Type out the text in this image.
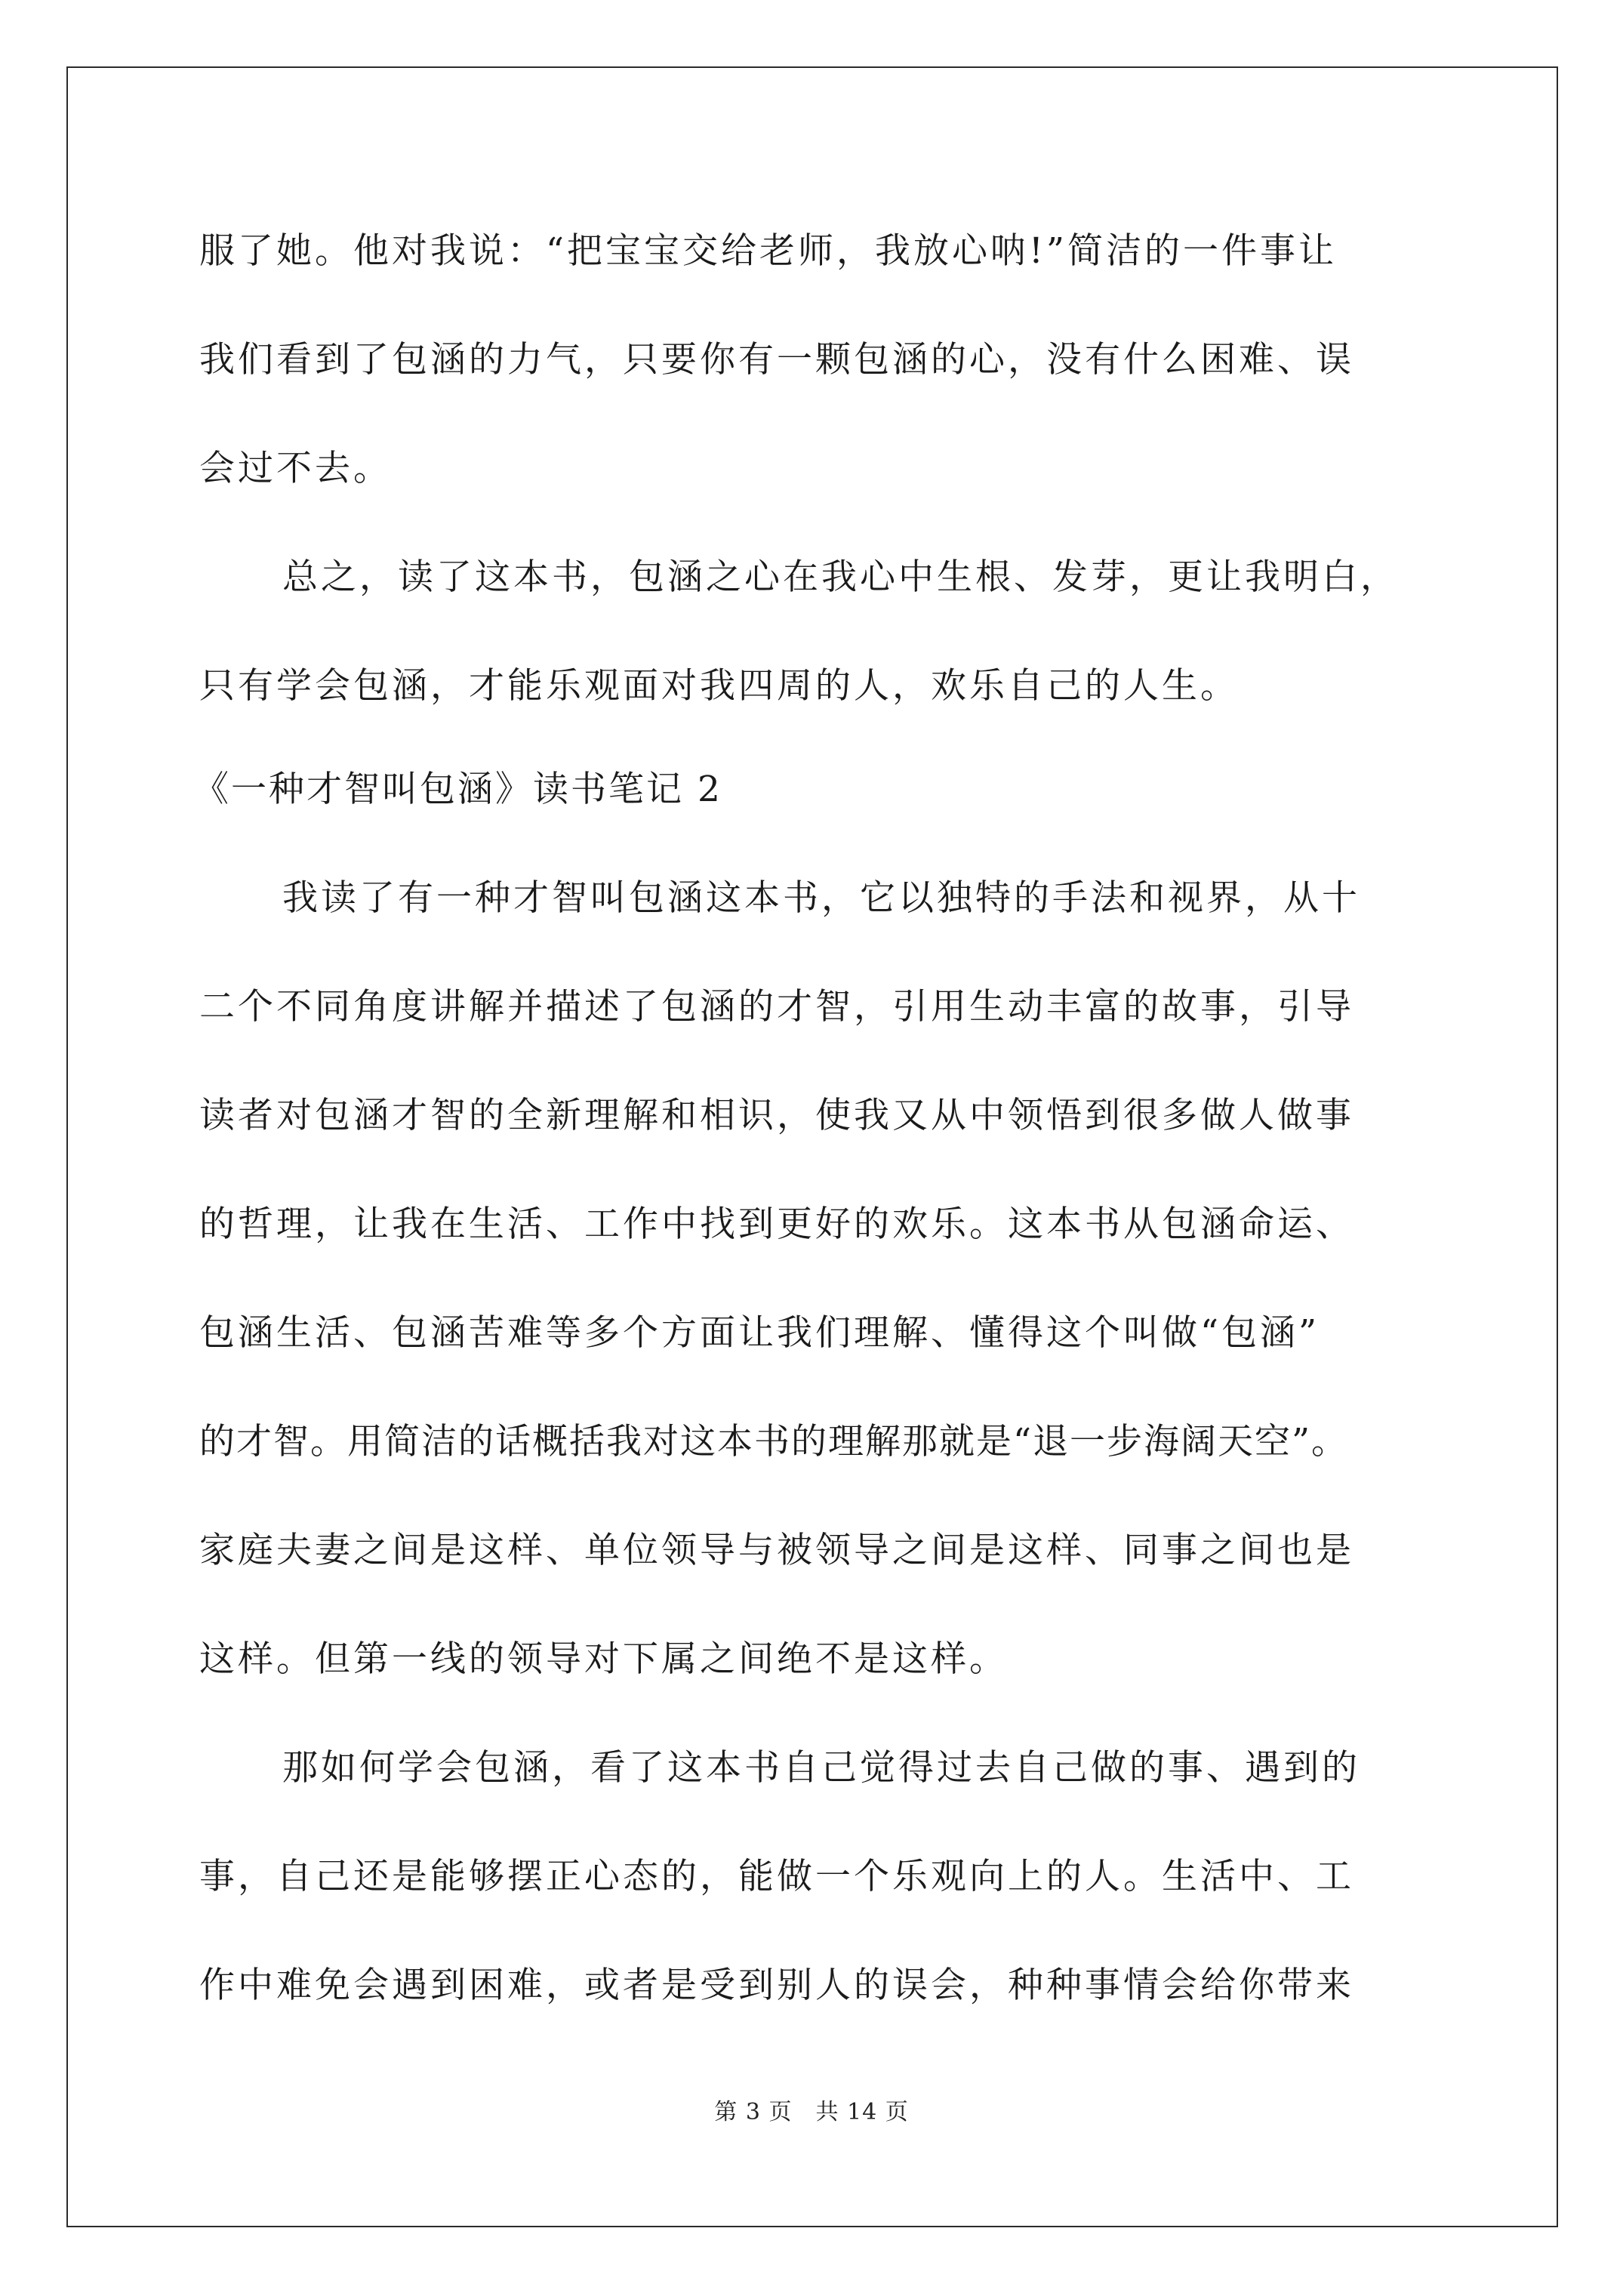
服了她。他对我说：“把宝宝交给老师，我放心呐!”简洁的一件事让
我们看到了包涵的力气，只要你有一颗包涵的心，没有什么困难、误
会过不去。
总之，读了这本书，包涵之心在我心中生根、发芽，更让我明白，
只有学会包涵，才能乐观面对我四周的人，欢乐自己的人生。
《一种才智叫包涵》读书笔记 2
我读了有一种才智叫包涵这本书，它以独特的手法和视界，从十
二个不同角度讲解并描述了包涵的才智，引用生动丰富的故事，引导
读者对包涵才智的全新理解和相识，使我又从中领悟到很多做人做事
的哲理，让我在生活、工作中找到更好的欢乐。这本书从包涵命运、
包涵生活、包涵苦难等多个方面让我们理解、懂得这个叫做“包涵”
的才智。用简洁的话概括我对这本书的理解那就是“退一步海阔天空”。
家庭夫妻之间是这样、单位领导与被领导之间是这样、同事之间也是
这样。但第一线的领导对下属之间绝不是这样。
那如何学会包涵，看了这本书自己觉得过去自己做的事、遇到的
事，自己还是能够摆正心态的，能做一个乐观向上的人。生活中、工
作中难免会遇到困难，或者是受到别人的误会，种种事情会给你带来
第 3 页　共 14 页
